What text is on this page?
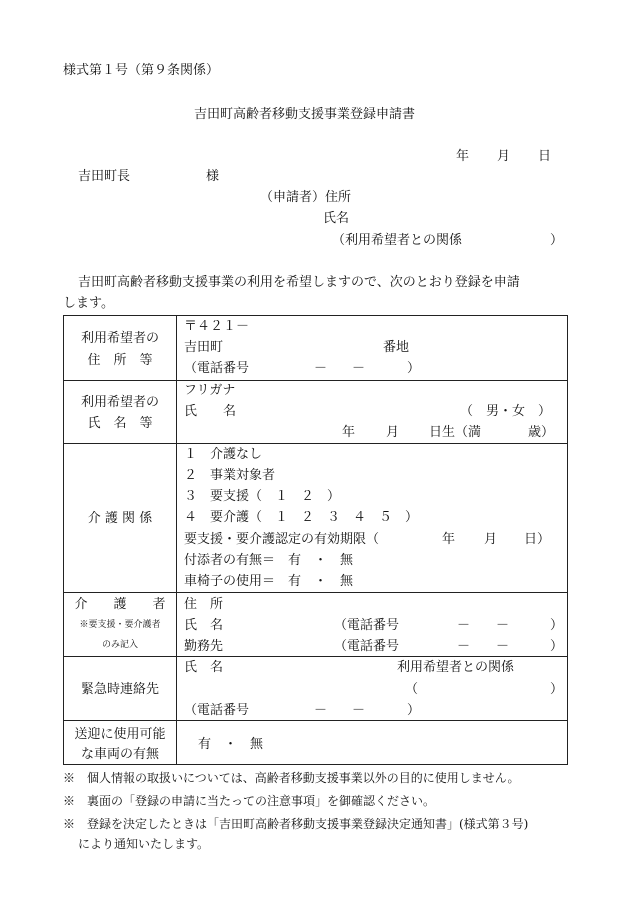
様式第１号（第９条関係）
吉田町高齢者移動支援事業登録申請書
年 月 日
吉田町長	様
（申請者）住所
氏名
（利用希望者との関係	）
吉田町高齢者移動支援事業の利用を希望しますので、次のとおり登録を申請
します。
利用希望者の
住　所　等
〒４２１－
吉田町	番地
（電話番号	－ －	）
利用希望者の
氏　名　等
フリガナ
氏　　名	（　男・女　）
年 月 日生（満	歳）
介 護 関 係
１　介護なし
２　事業対象者
３　要支援（　１　２　）
４　要介護（　１　２　３　４　５　）
要支援・要介護認定の有効期限（	年 月 日）
付添者の有無＝　有　・　無
車椅子の使用＝　有　・　無
介　　護　　者
※要支援・要介護者
のみ記入
住　所
氏　名	（電話番号	－ －	）
勤務先	（電話番号	－ －	）
緊急時連絡先
氏　名	利用希望者との関係
（	）
（電話番号	－ －	）
送迎に使用可能
な車両の有無
有　・　無
※　個人情報の取扱いについては、高齢者移動支援事業以外の目的に使用しません。
※　裏面の「登録の申請に当たっての注意事項」を御確認ください。
※　登録を決定したときは「吉田町高齢者移動支援事業登録決定通知書」(様式第３号)
により通知いたします。
